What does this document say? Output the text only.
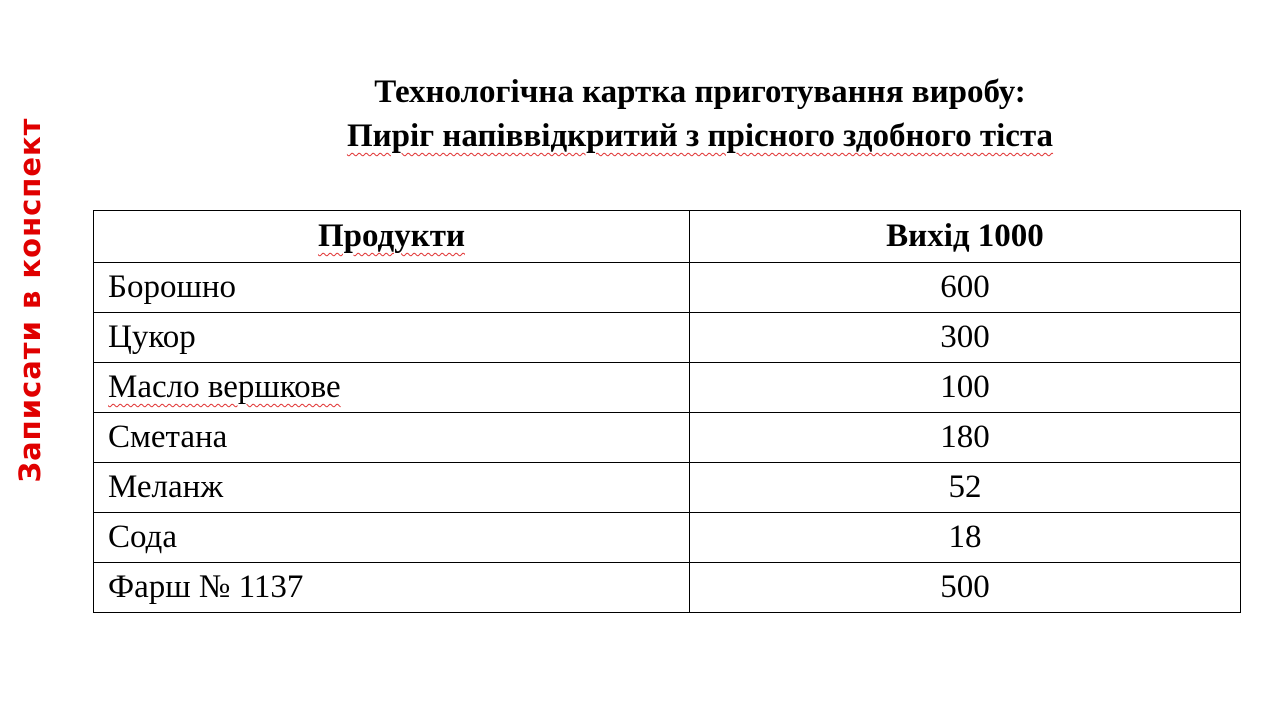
Записати в конспект
Технологічна картка приготування виробу:
Пиріг напіввідкритий з прісного здобного тіста
Продукти	Вихід 1000
Борошно	600
Цукор	300
Масло вершкове	100
Сметана	180
Меланж	52
Сода	18
Фарш № 1137	500
